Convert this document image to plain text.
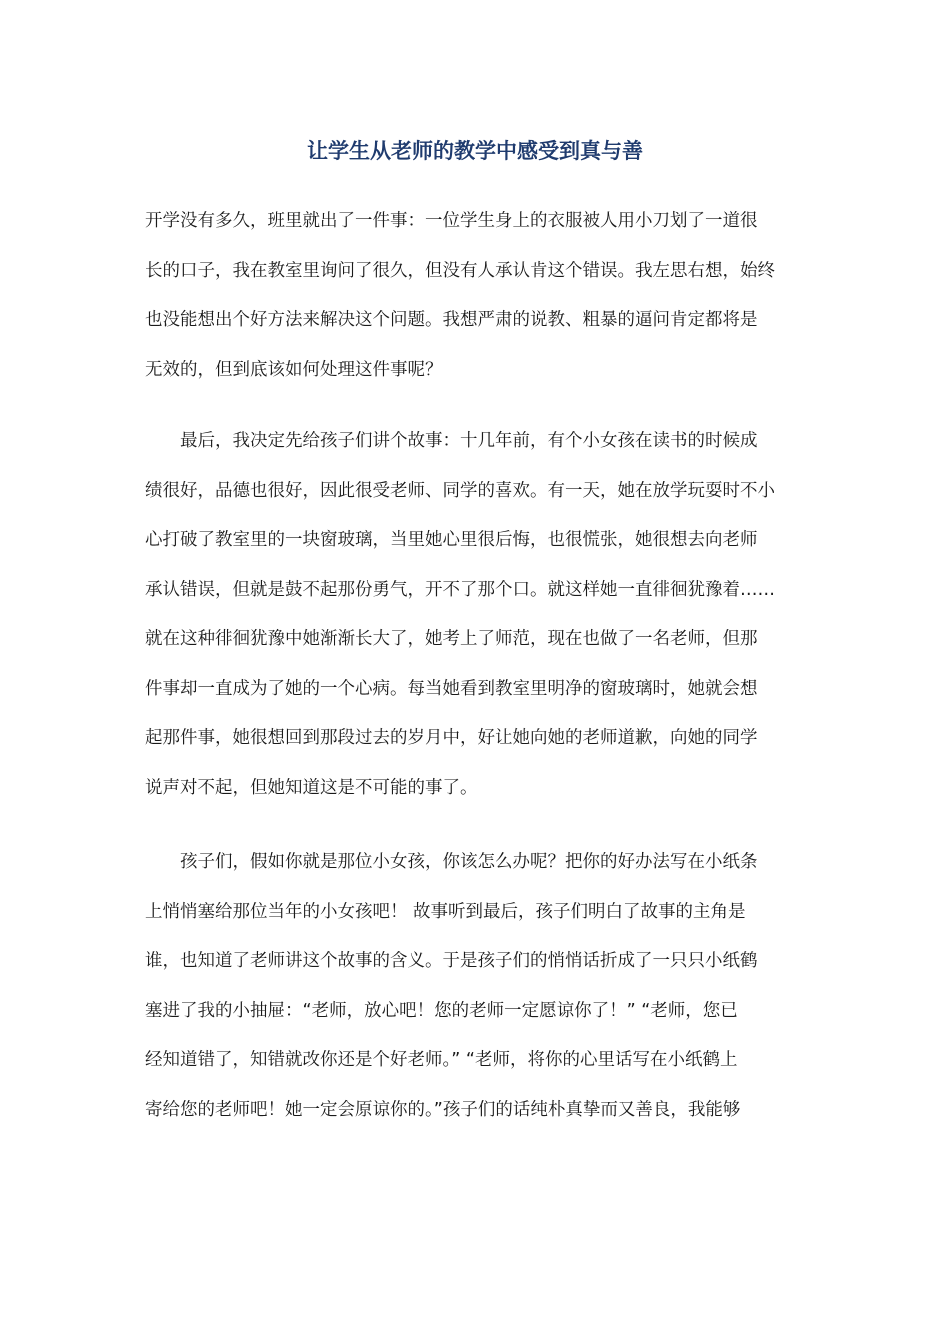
让学生从老师的教学中感受到真与善
开学没有多久，班里就出了一件事：一位学生身上的衣服被人用小刀划了一道很
长的口子，我在教室里询问了很久，但没有人承认肯这个错误。我左思右想，始终
也没能想出个好方法来解决这个问题。我想严肃的说教、粗暴的逼问肯定都将是
无效的，但到底该如何处理这件事呢？
　　最后，我决定先给孩子们讲个故事：十几年前，有个小女孩在读书的时候成
绩很好，品德也很好，因此很受老师、同学的喜欢。有一天，她在放学玩耍时不小
心打破了教室里的一块窗玻璃，当里她心里很后悔，也很慌张，她很想去向老师
承认错误，但就是鼓不起那份勇气，开不了那个口。就这样她一直徘徊犹豫着……
就在这种徘徊犹豫中她渐渐长大了，她考上了师范，现在也做了一名老师，但那
件事却一直成为了她的一个心病。每当她看到教室里明净的窗玻璃时，她就会想
起那件事，她很想回到那段过去的岁月中，好让她向她的老师道歉，向她的同学
说声对不起，但她知道这是不可能的事了。
　　孩子们，假如你就是那位小女孩，你该怎么办呢？把你的好办法写在小纸条
上悄悄塞给那位当年的小女孩吧！ 故事听到最后，孩子们明白了故事的主角是
谁，也知道了老师讲这个故事的含义。于是孩子们的悄悄话折成了一只只小纸鹤
塞进了我的小抽屉：“老师，放心吧！您的老师一定愿谅你了！” “老师，您已
经知道错了，知错就改你还是个好老师。” “老师，将你的心里话写在小纸鹤上
寄给您的老师吧！她一定会原谅你的。”孩子们的话纯朴真挚而又善良，我能够
